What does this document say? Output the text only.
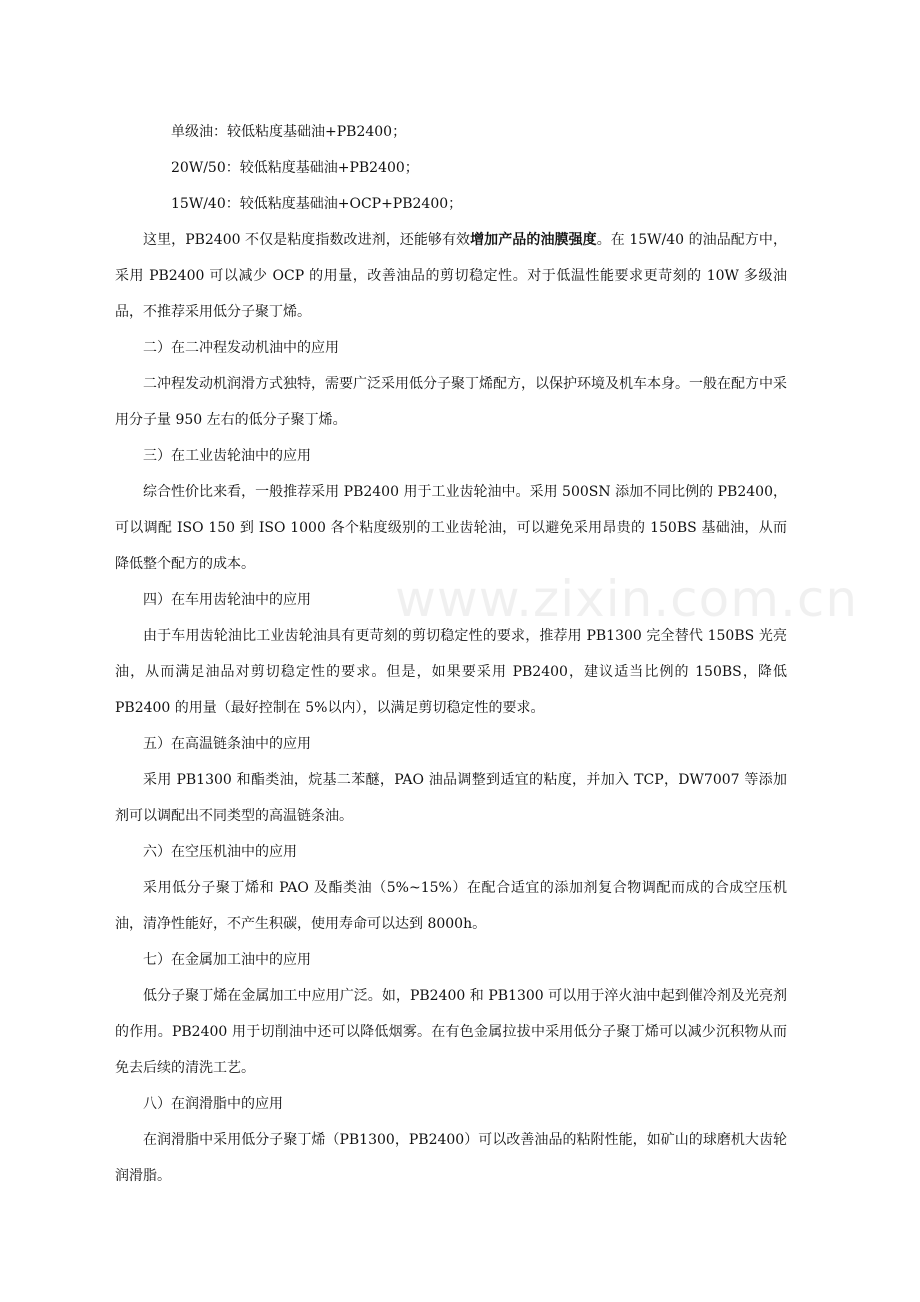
www.zixin.com.cn
单级油：较低粘度基础油+PB2400；
20W/50：较低粘度基础油+PB2400；
15W/40：较低粘度基础油+OCP+PB2400；
这里，PB2400 不仅是粘度指数改进剂，还能够有效增加产品的油膜强度。在 15W/40 的油品配方中，采用 PB2400 可以减少 OCP 的用量，改善油品的剪切稳定性。对于低温性能要求更苛刻的 10W 多级油品，不推荐采用低分子聚丁烯。
二）在二冲程发动机油中的应用
二冲程发动机润滑方式独特，需要广泛采用低分子聚丁烯配方，以保护环境及机车本身。一般在配方中采用分子量 950 左右的低分子聚丁烯。
三）在工业齿轮油中的应用
综合性价比来看，一般推荐采用 PB2400 用于工业齿轮油中。采用 500SN 添加不同比例的 PB2400，可以调配 ISO 150 到 ISO 1000 各个粘度级别的工业齿轮油，可以避免采用昂贵的 150BS 基础油，从而降低整个配方的成本。
四）在车用齿轮油中的应用
由于车用齿轮油比工业齿轮油具有更苛刻的剪切稳定性的要求，推荐用 PB1300 完全替代 150BS 光亮油，从而满足油品对剪切稳定性的要求。但是，如果要采用 PB2400，建议适当比例的 150BS，降低 PB2400 的用量（最好控制在 5%以内），以满足剪切稳定性的要求。
五）在高温链条油中的应用
采用 PB1300 和酯类油，烷基二苯醚，PAO 油品调整到适宜的粘度，并加入 TCP，DW7007 等添加剂可以调配出不同类型的高温链条油。
六）在空压机油中的应用
采用低分子聚丁烯和 PAO 及酯类油（5%~15%）在配合适宜的添加剂复合物调配而成的合成空压机油，清净性能好，不产生积碳，使用寿命可以达到 8000h。
七）在金属加工油中的应用
低分子聚丁烯在金属加工中应用广泛。如，PB2400 和 PB1300 可以用于淬火油中起到催冷剂及光亮剂的作用。PB2400 用于切削油中还可以降低烟雾。在有色金属拉拔中采用低分子聚丁烯可以减少沉积物从而免去后续的清洗工艺。
八）在润滑脂中的应用
在润滑脂中采用低分子聚丁烯（PB1300，PB2400）可以改善油品的粘附性能，如矿山的球磨机大齿轮润滑脂。
